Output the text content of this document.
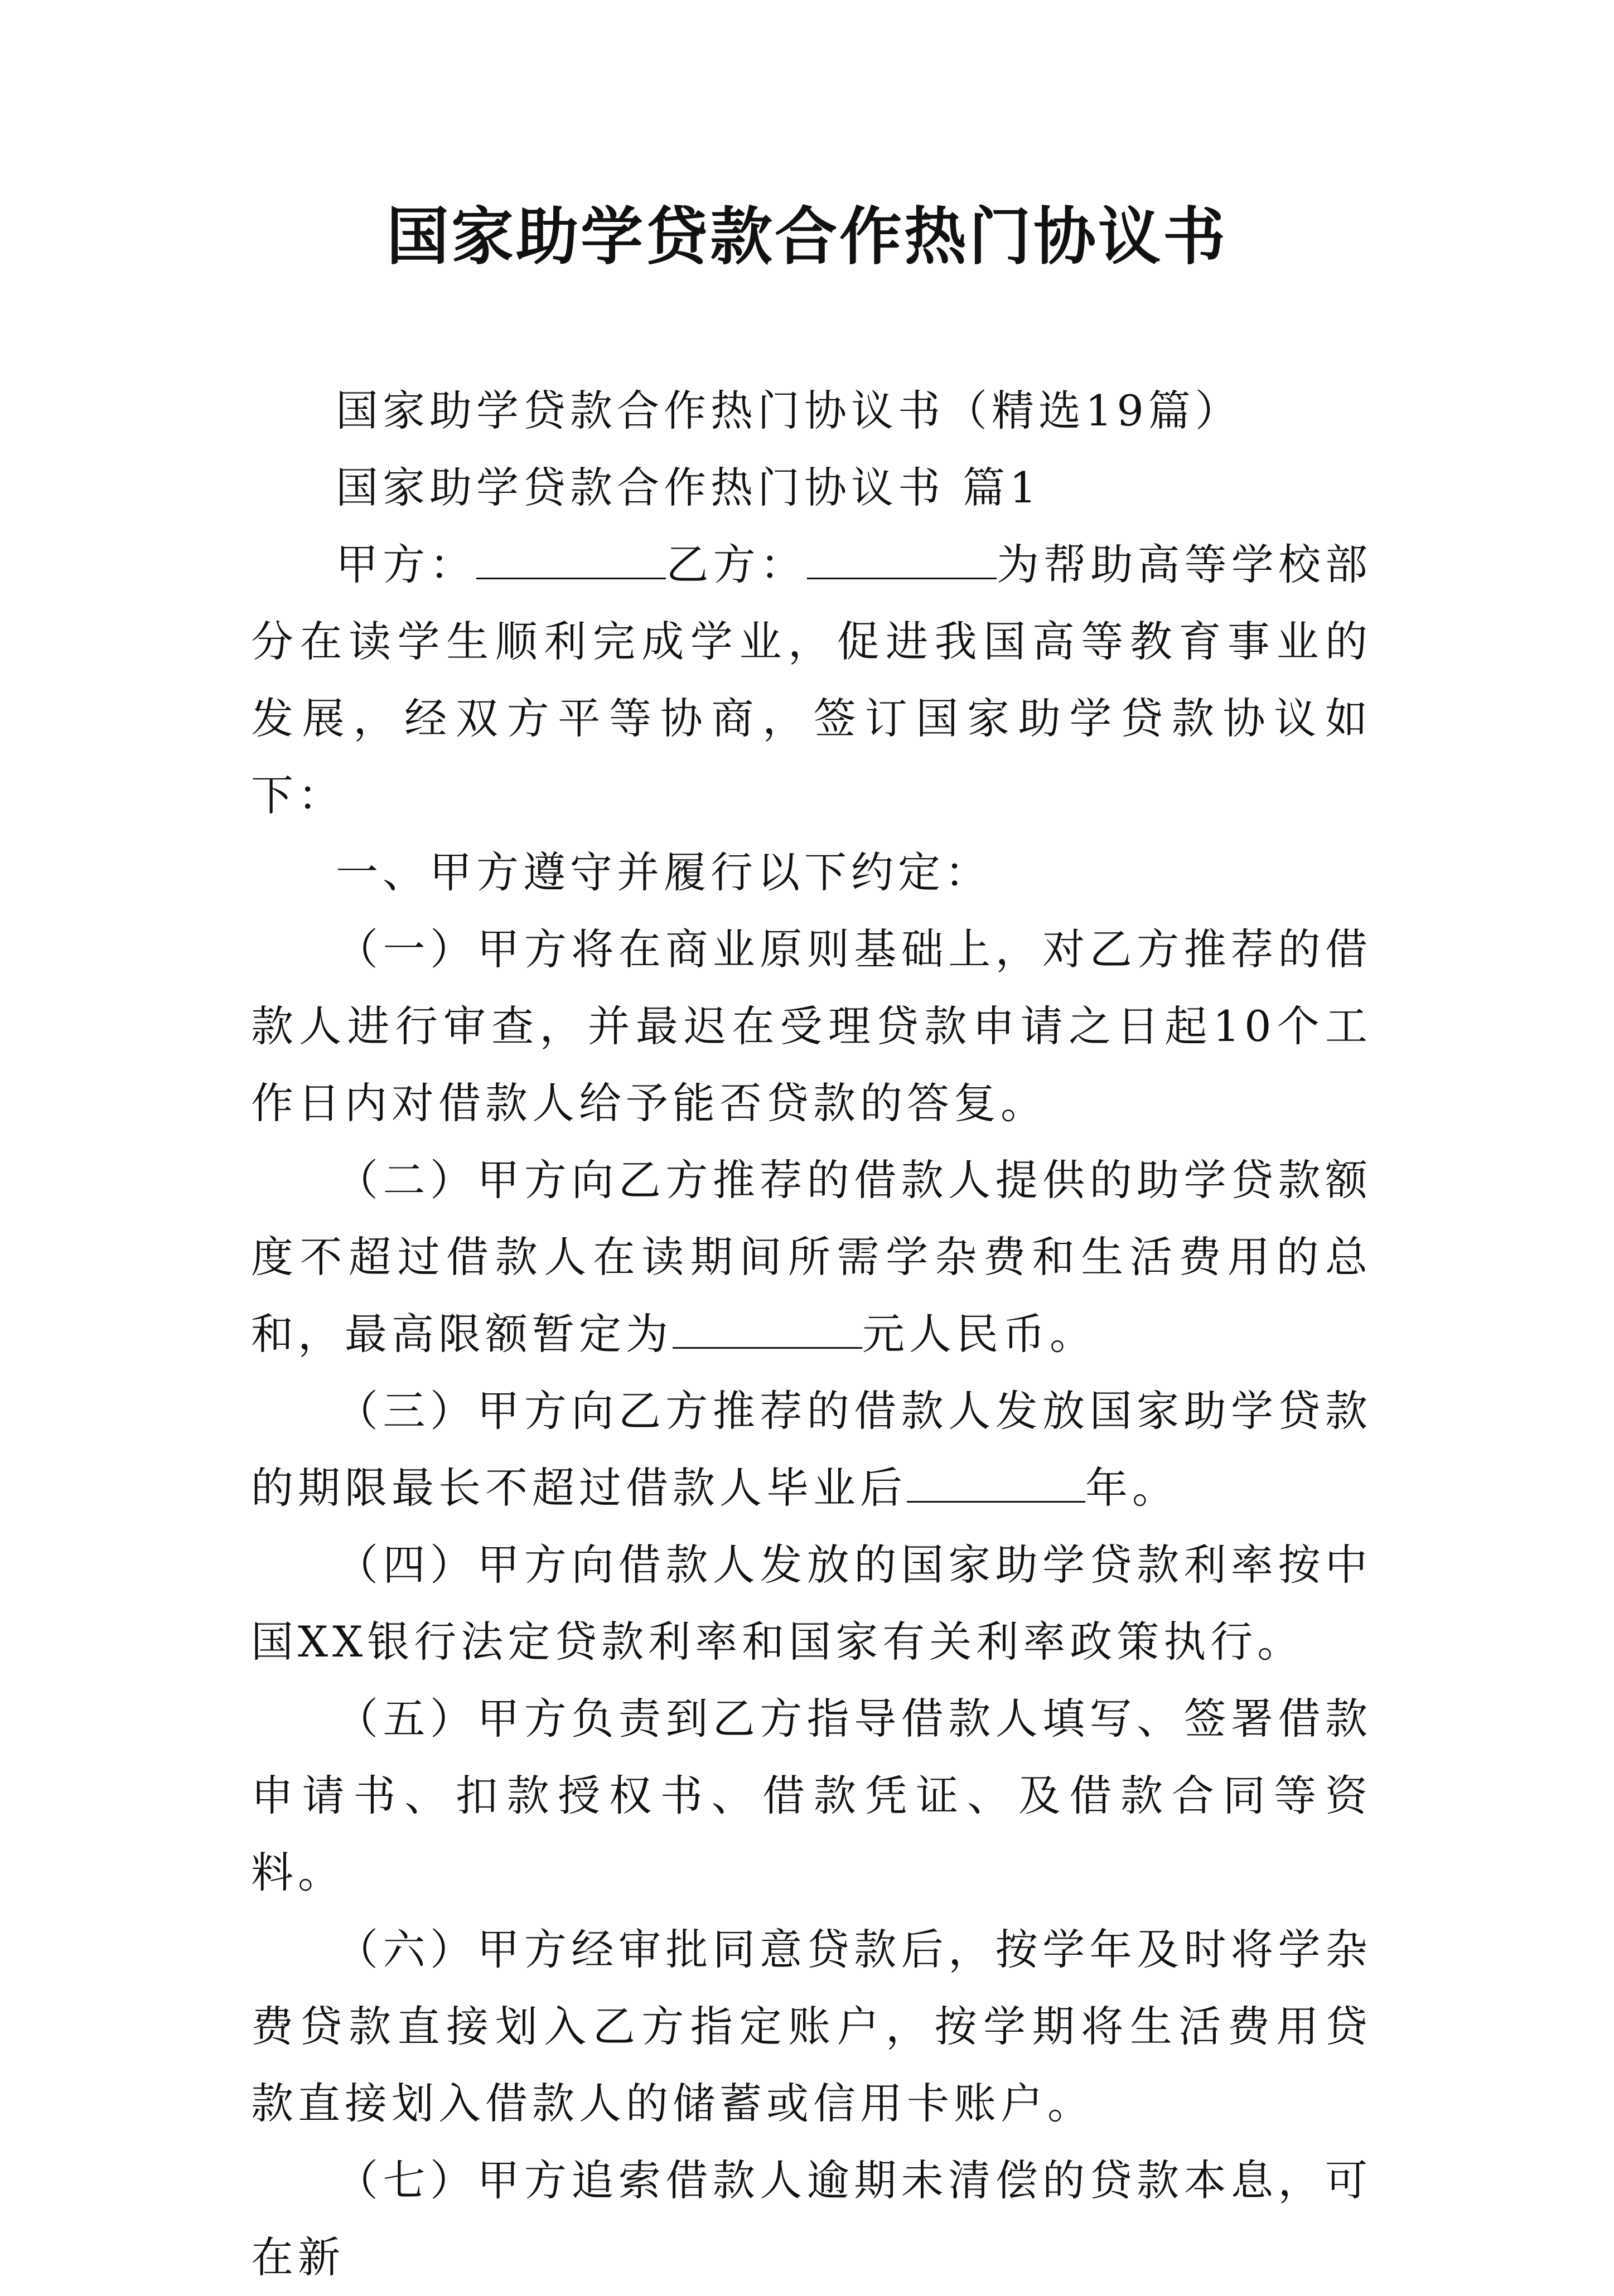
国家助学贷款合作热门协议书

国家助学贷款合作热门协议书（精选19篇）

国家助学贷款合作热门协议书 篇1

甲方：	乙方：	为帮助高等学校部分在读学生顺利完成学业，促进我国高等教育事业的发展，经双方平等协商，签订国家助学贷款协议如下：

一、甲方遵守并履行以下约定：

（一）甲方将在商业原则基础上，对乙方推荐的借款人进行审查，并最迟在受理贷款申请之日起10个工作日内对借款人给予能否贷款的答复。

（二）甲方向乙方推荐的借款人提供的助学贷款额度不超过借款人在读期间所需学杂费和生活费用的总和，最高限额暂定为	元人民币。

（三）甲方向乙方推荐的借款人发放国家助学贷款的期限最长不超过借款人毕业后	年。

（四）甲方向借款人发放的国家助学贷款利率按中国XX银行法定贷款利率和国家有关利率政策执行。

（五）甲方负责到乙方指导借款人填写、签署借款申请书、扣款授权书、借款凭证、及借款合同等资料。

（六）甲方经审批同意贷款后，按学年及时将学杂费贷款直接划入乙方指定账户，按学期将生活费用贷款直接划入借款人的储蓄或信用卡账户。

（七）甲方追索借款人逾期未清偿的贷款本息，可在新
